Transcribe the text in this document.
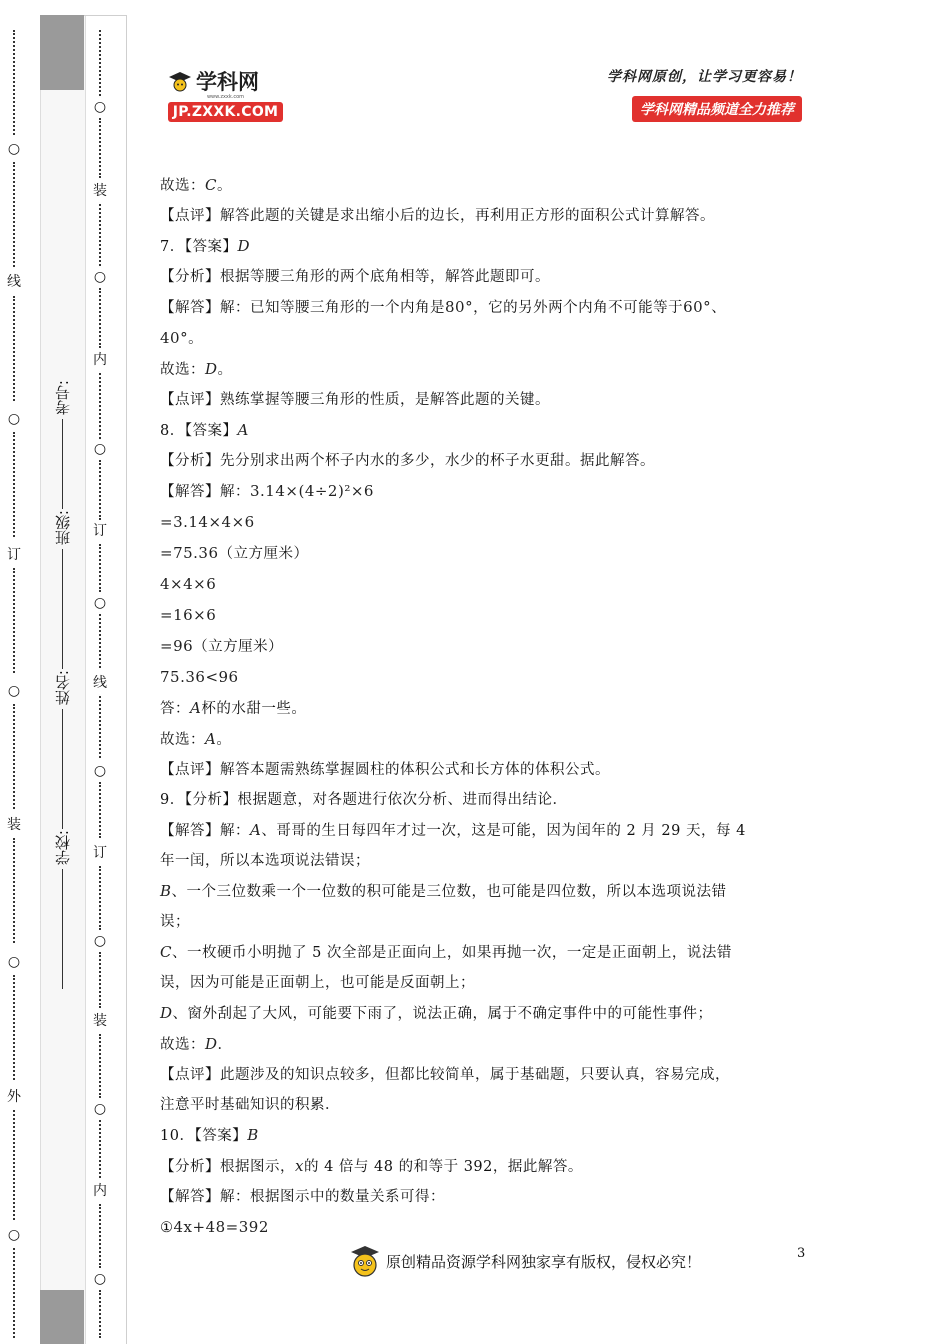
○
线
○
订
○
装
○
外
○
○
装
○
内
○
订
○
线
○
订
○
装
○
内
○
学校:
姓名:
班级:
考号:
学科网
www.zxxk.com
JP.ZXXK.COM
学科网原创，让学习更容易！
学科网精品频道全力推荐

故选：C。

【点评】解答此题的关键是求出缩小后的边长，再利用正方形的面积公式计算解答。

7．【答案】D

【分析】根据等腰三角形的两个底角相等，解答此题即可。

【解答】解：已知等腰三角形的一个内角是80°，它的另外两个内角不可能等于60°、

40°。

故选：D。

【点评】熟练掌握等腰三角形的性质，是解答此题的关键。

8．【答案】A

【分析】先分别求出两个杯子内水的多少，水少的杯子水更甜。据此解答。

【解答】解：3.14×(4÷2)²×6

=3.14×4×6

=75.36（立方厘米）

4×4×6

=16×6

=96（立方厘米）

75.36<96

答：A杯的水甜一些。

故选：A。

【点评】解答本题需熟练掌握圆柱的体积公式和长方体的体积公式。

9．【分析】根据题意，对各题进行依次分析、进而得出结论．

【解答】解：A、哥哥的生日每四年才过一次，这是可能，因为闰年的 2 月 29 天，每 4

年一闰，所以本选项说法错误；

B、一个三位数乘一个一位数的积可能是三位数，也可能是四位数，所以本选项说法错

误；

C、一枚硬币小明抛了 5 次全部是正面向上，如果再抛一次，一定是正面朝上，说法错

误，因为可能是正面朝上，也可能是反面朝上；

D、窗外刮起了大风，可能要下雨了，说法正确，属于不确定事件中的可能性事件；

故选：D．

【点评】此题涉及的知识点较多，但都比较简单，属于基础题，只要认真，容易完成，

注意平时基础知识的积累．

10．【答案】B

【分析】根据图示，x的 4 倍与 48 的和等于 392，据此解答。

【解答】解：根据图示中的数量关系可得：

①4x+48=392

原创精品资源学科网独家享有版权，侵权必究！	3
